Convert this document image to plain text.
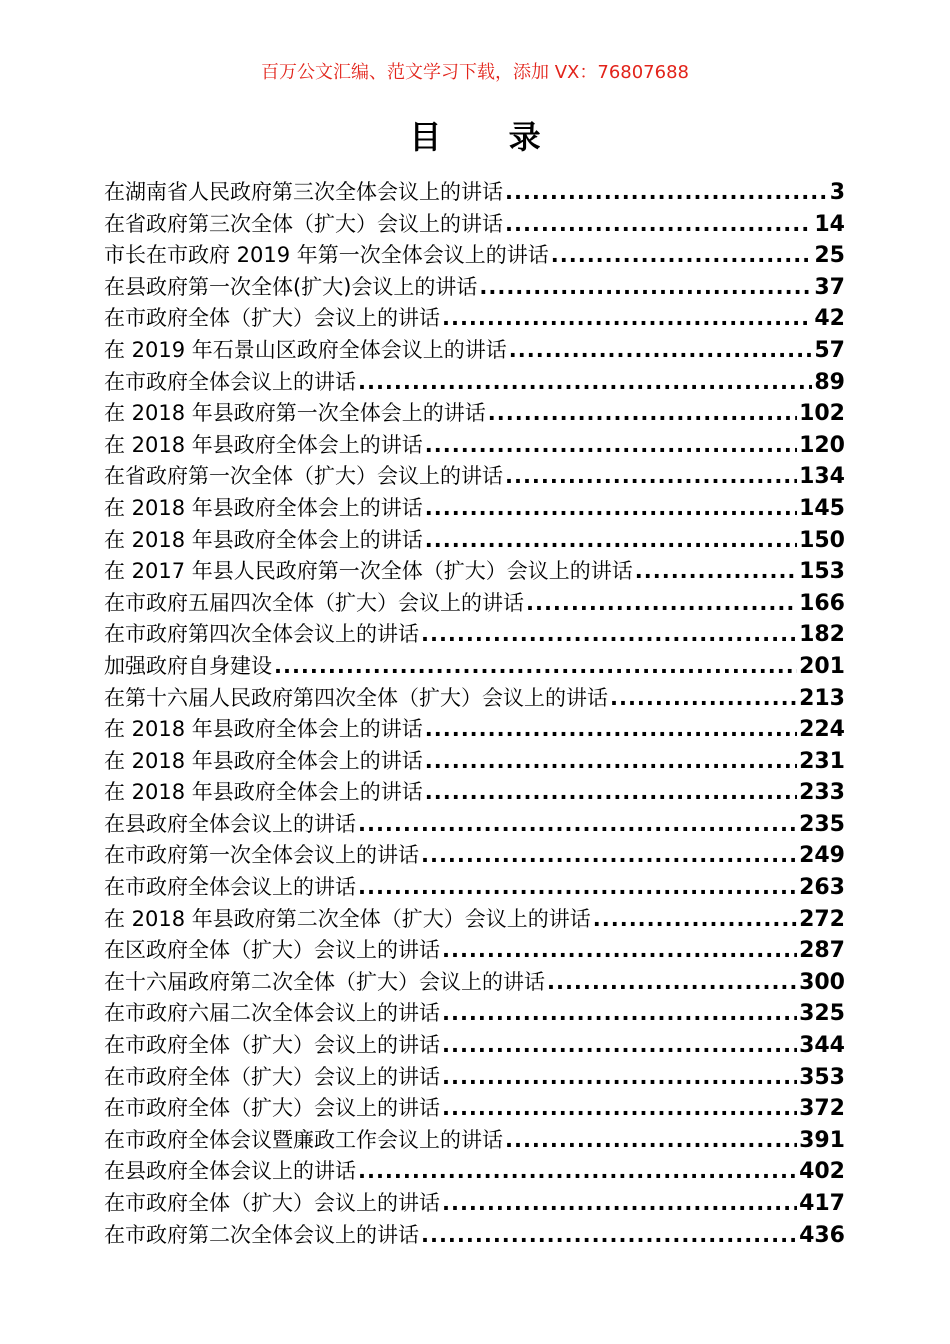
百万公文汇编、范文学习下载，添加 VX：76807688
目 录
在湖南省人民政府第三次全体会议上的讲话 .....	3
在省政府第三次全体（扩大）会议上的讲话 .....	14
市长在市政府 2019 年第一次全体会议上的讲话 .....	25
在县政府第一次全体(扩大)会议上的讲话 .....	37
在市政府全体（扩大）会议上的讲话 .....	42
在 2019 年石景山区政府全体会议上的讲话 .....	57
在市政府全体会议上的讲话 .....	89
在 2018 年县政府第一次全体会上的讲话 .....	102
在 2018 年县政府全体会上的讲话 .....	120
在省政府第一次全体（扩大）会议上的讲话 .....	134
在 2018 年县政府全体会上的讲话 .....	145
在 2018 年县政府全体会上的讲话 .....	150
在 2017 年县人民政府第一次全体（扩大）会议上的讲话 .....	153
在市政府五届四次全体（扩大）会议上的讲话 .....	166
在市政府第四次全体会议上的讲话 .....	182
加强政府自身建设 .....	201
在第十六届人民政府第四次全体（扩大）会议上的讲话 .....	213
在 2018 年县政府全体会上的讲话 .....	224
在 2018 年县政府全体会上的讲话 .....	231
在 2018 年县政府全体会上的讲话 .....	233
在县政府全体会议上的讲话 .....	235
在市政府第一次全体会议上的讲话 .....	249
在市政府全体会议上的讲话 .....	263
在 2018 年县政府第二次全体（扩大）会议上的讲话 .....	272
在区政府全体（扩大）会议上的讲话 .....	287
在十六届政府第二次全体（扩大）会议上的讲话 .....	300
在市政府六届二次全体会议上的讲话 .....	325
在市政府全体（扩大）会议上的讲话 .....	344
在市政府全体（扩大）会议上的讲话 .....	353
在市政府全体（扩大）会议上的讲话 .....	372
在市政府全体会议暨廉政工作会议上的讲话 .....	391
在县政府全体会议上的讲话 .....	402
在市政府全体（扩大）会议上的讲话 .....	417
在市政府第二次全体会议上的讲话 .....	436
